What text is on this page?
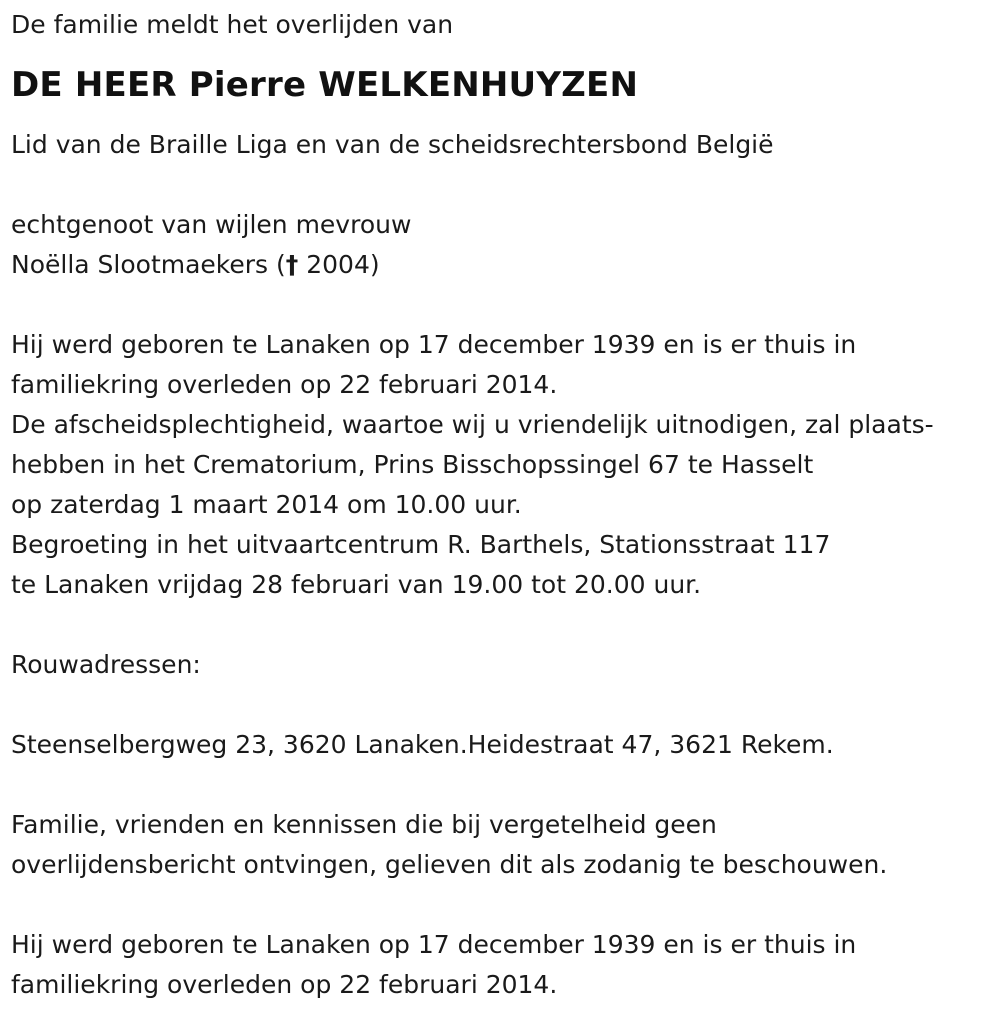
De familie meldt het overlijden van
DE HEER Pierre WELKENHUYZEN
Lid van de Braille Liga en van de scheidsrechtersbond België
echtgenoot van wijlen mevrouw
Noëlla Slootmaekers († 2004)
Hij werd geboren te Lanaken op 17 december 1939 en is er thuis in
familiekring overleden op 22 februari 2014.
De afscheidsplechtigheid, waartoe wij u vriendelijk uitnodigen, zal plaats-
hebben in het Crematorium, Prins Bisschopssingel 67 te Hasselt
op zaterdag 1 maart 2014 om 10.00 uur.
Begroeting in het uitvaartcentrum R. Barthels, Stationsstraat 117
te Lanaken vrijdag 28 februari van 19.00 tot 20.00 uur.
Rouwadressen:
Steenselbergweg 23, 3620 Lanaken.Heidestraat 47, 3621 Rekem.
Familie, vrienden en kennissen die bij vergetelheid geen
overlijdensbericht ontvingen, gelieven dit als zodanig te beschouwen.
Hij werd geboren te Lanaken op 17 december 1939 en is er thuis in
familiekring overleden op 22 februari 2014.
